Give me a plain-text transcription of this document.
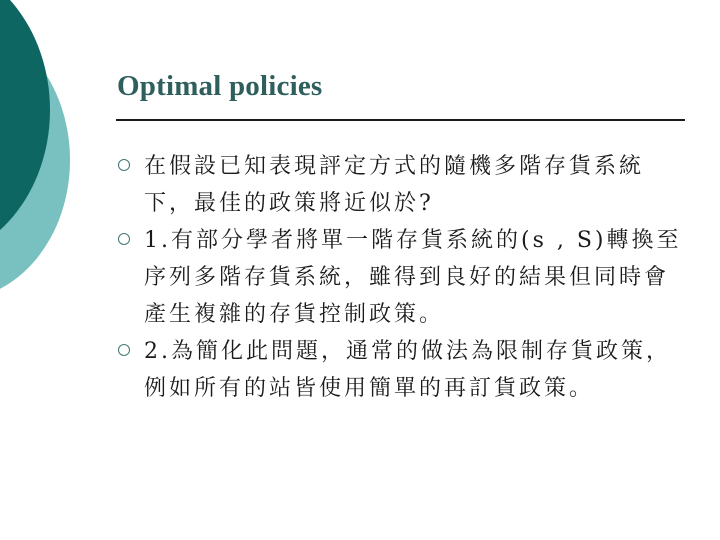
Optimal policies
在假設已知表現評定方式的隨機多階存貨系統下，最佳的政策將近似於?
1.有部分學者將單一階存貨系統的(s , S)轉換至序列多階存貨系統，雖得到良好的結果但同時會產生複雜的存貨控制政策。
2.為簡化此問題，通常的做法為限制存貨政策，例如所有的站皆使用簡單的再訂貨政策。
